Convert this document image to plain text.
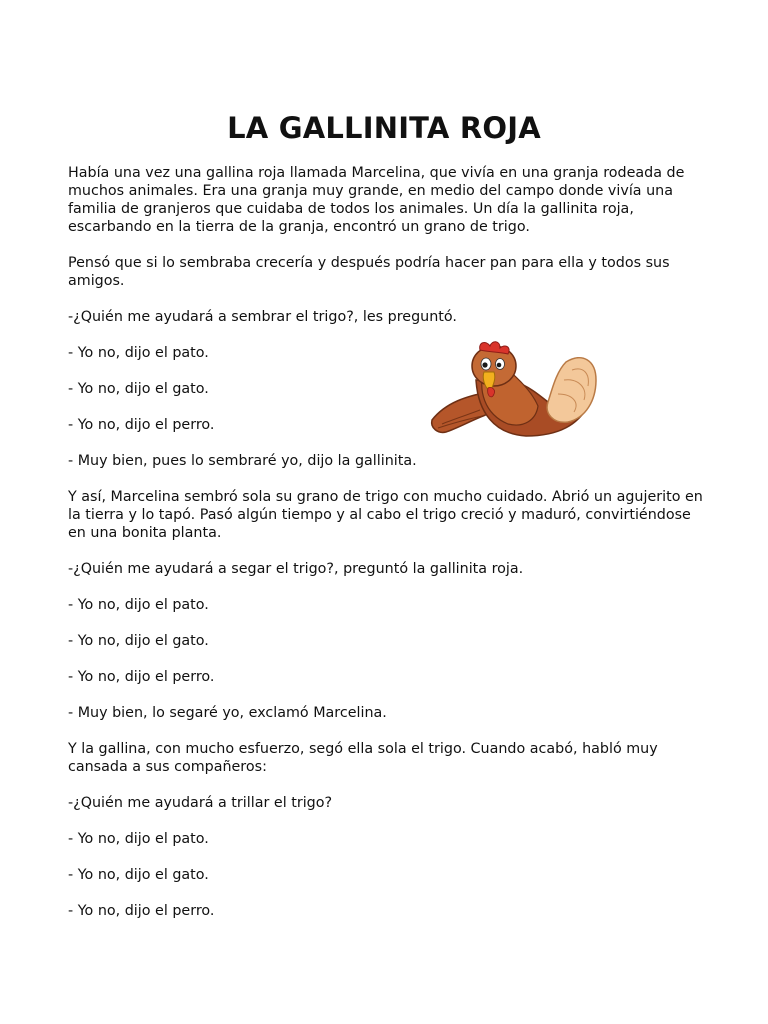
LA GALLINITA ROJA

Había una vez una gallina roja llamada Marcelina, que vivía en una granja rodeada de muchos animales. Era una granja muy grande, en medio del campo donde vivía una familia de granjeros que cuidaba de todos los animales. Un día la gallinita roja, escarbando en la tierra de la granja, encontró un grano de trigo.

Pensó que si lo sembraba crecería y después podría hacer pan para ella y todos sus amigos.

-¿Quién me ayudará a sembrar el trigo?, les preguntó.

- Yo no, dijo el pato.

- Yo no, dijo el gato.

- Yo no, dijo el perro.

- Muy bien, pues lo sembraré yo, dijo la gallinita.

Y así, Marcelina sembró sola su grano de trigo con mucho cuidado. Abrió un agujerito en la tierra y lo tapó. Pasó algún tiempo y al cabo el trigo creció y maduró, convirtiéndose en una bonita planta.

-¿Quién me ayudará a segar el trigo?, preguntó la gallinita roja.

- Yo no, dijo el pato.

- Yo no, dijo el gato.

- Yo no, dijo el perro.

- Muy bien, lo segaré yo, exclamó Marcelina.

Y la gallina, con mucho esfuerzo, segó ella sola el trigo. Cuando acabó, habló muy cansada a sus compañeros:

-¿Quién me ayudará a trillar el trigo?

- Yo no, dijo el pato.

- Yo no, dijo el gato.

- Yo no, dijo el perro.
